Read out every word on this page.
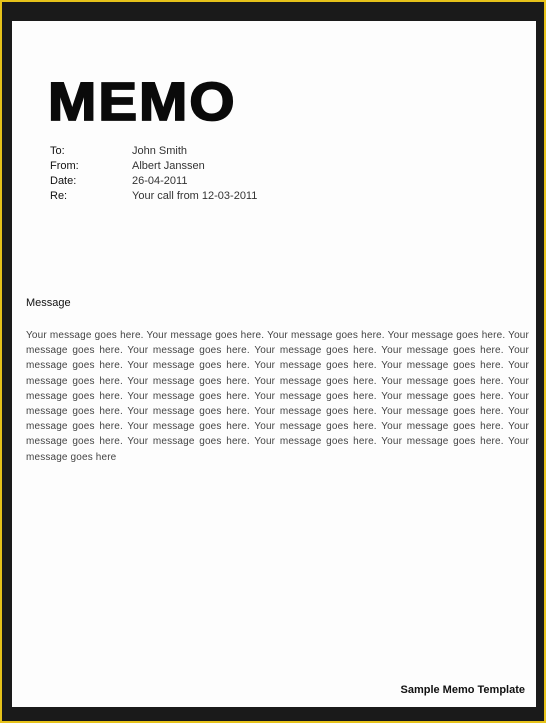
MEMO
To:	John Smith
From:	Albert Janssen
Date:	26-04-2011
Re:	Your call from 12-03-2011
Message

Your message goes here. Your message goes here. Your message goes here. Your message goes here. Your message goes here. Your message goes here. Your message goes here. Your message goes here. Your message goes here. Your message goes here. Your message goes here. Your message goes here. Your message goes here. Your message goes here. Your message goes here. Your message goes here. Your message goes here. Your message goes here. Your message goes here. Your message goes here. Your message goes here. Your message goes here. Your message goes here. Your message goes here. Your message goes here. Your message goes here. Your message goes here. Your message goes here. Your message goes here. Your message goes here. Your message goes here. Your message goes here. Your message goes here

Sample Memo Template
